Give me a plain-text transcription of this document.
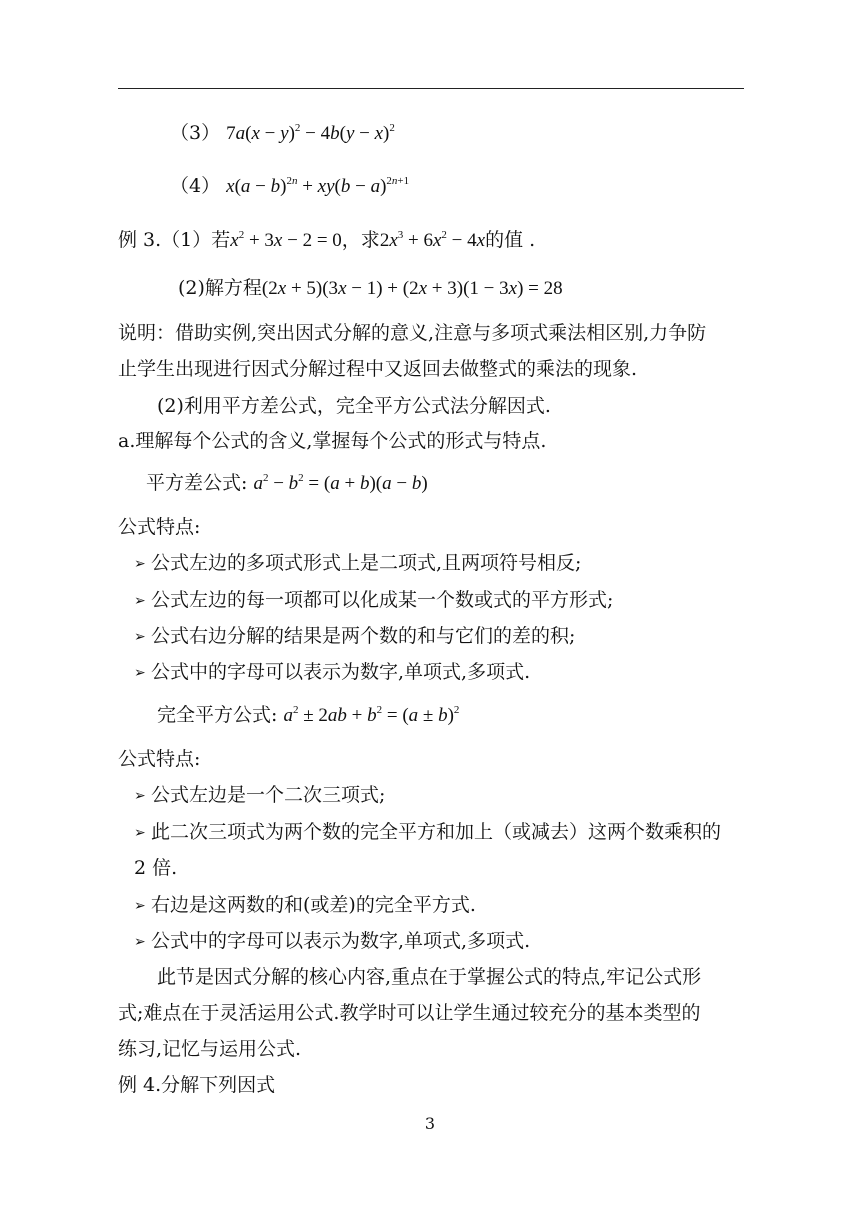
（3） $7a(x - y)^2 - 4b(y - x)^2$
（4） $x(a - b)^{2n} + xy(b - a)^{2n+1}$
例 3.（1）若$x^2 + 3x - 2 = 0$，求$2x^3 + 6x^2 - 4x$的值 .
(2)解方程(2x + 5)(3x − 1) + (2x + 3)(1 − 3x) = 28
说明：借助实例,突出因式分解的意义,注意与多项式乘法相区别,力争防
止学生出现进行因式分解过程中又返回去做整式的乘法的现象.
(2)利用平方差公式，完全平方公式法分解因式.
a.理解每个公式的含义,掌握每个公式的形式与特点.
平方差公式: $a^2 - b^2 = (a + b)(a - b)$
公式特点:
➢ 公式左边的多项式形式上是二项式,且两项符号相反;
➢ 公式左边的每一项都可以化成某一个数或式的平方形式;
➢ 公式右边分解的结果是两个数的和与它们的差的积;
➢ 公式中的字母可以表示为数字,单项式,多项式.
完全平方公式: $a^2 \pm 2ab + b^2 = (a \pm b)^2$
公式特点:
➢ 公式左边是一个二次三项式;
➢ 此二次三项式为两个数的完全平方和加上（或减去）这两个数乘积的
2 倍.
➢ 右边是这两数的和(或差)的完全平方式.
➢ 公式中的字母可以表示为数字,单项式,多项式.
此节是因式分解的核心内容,重点在于掌握公式的特点,牢记公式形
式;难点在于灵活运用公式.教学时可以让学生通过较充分的基本类型的
练习,记忆与运用公式.
例 4.分解下列因式
3
